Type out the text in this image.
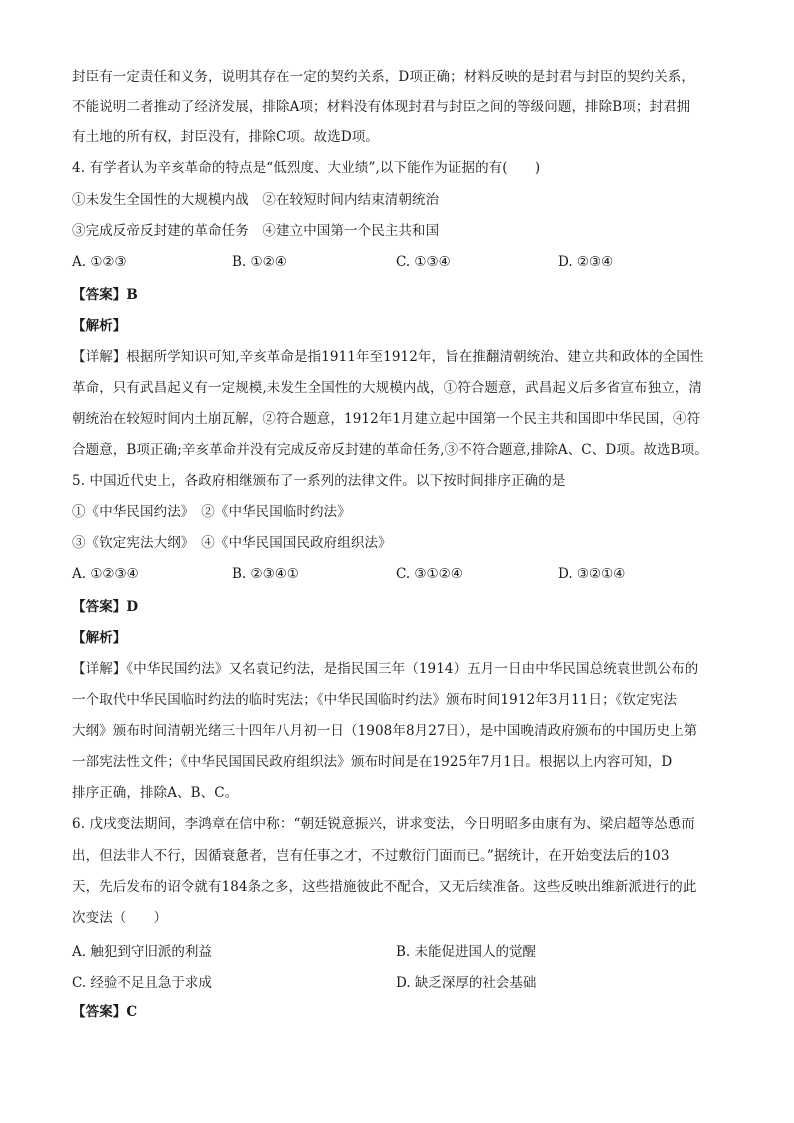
封臣有一定责任和义务，说明其存在一定的契约关系，D项正确；材料反映的是封君与封臣的契约关系，
不能说明二者推动了经济发展，排除A项；材料没有体现封君与封臣之间的等级问题，排除B项；封君拥
有土地的所有权，封臣没有，排除C项。故选D项。
4. 有学者认为辛亥革命的特点是“低烈度、大业绩”,以下能作为证据的有(　　)
①未发生全国性的大规模内战　②在较短时间内结束清朝统治
③完成反帝反封建的革命任务　④建立中国第一个民主共和国
A. ①②③	B. ①②④	C. ①③④	D. ②③④
【答案】B
【解析】
【详解】根据所学知识可知,辛亥革命是指1911年至1912年，旨在推翻清朝统治、建立共和政体的全国性
革命，只有武昌起义有一定规模,未发生全国性的大规模内战，①符合题意，武昌起义后多省宣布独立，清
朝统治在较短时间内土崩瓦解，②符合题意，1912年1月建立起中国第一个民主共和国即中华民国，④符
合题意，B项正确;辛亥革命并没有完成反帝反封建的革命任务,③不符合题意,排除A、C、D项。故选B项。
5. 中国近代史上，各政府相继颁布了一系列的法律文件。以下按时间排序正确的是
①《中华民国约法》　②《中华民国临时约法》
③《钦定宪法大纲》　④《中华民国国民政府组织法》
A. ①②③④	B. ②③④①	C. ③①②④	D. ③②①④
【答案】D
【解析】
【详解】《中华民国约法》又名袁记约法，是指民国三年（1914）五月一日由中华民国总统袁世凯公布的
一个取代中华民国临时约法的临时宪法；《中华民国临时约法》颁布时间1912年3月11日；《钦定宪法
大纲》颁布时间清朝光绪三十四年八月初一日（1908年8月27日），是中国晚清政府颁布的中国历史上第
一部宪法性文件；《中华民国国民政府组织法》颁布时间是在1925年7月1日。根据以上内容可知，D
排序正确，排除A、B、C。
6. 戊戌变法期间，李鸿章在信中称：“朝廷锐意振兴，讲求变法，今日明昭多由康有为、梁启超等怂恿而
出，但法非人不行，因循衰惫者，岂有任事之才，不过敷衍门面而已。”据统计，在开始变法后的103
天，先后发布的诏令就有184条之多，这些措施彼此不配合，又无后续准备。这些反映出维新派进行的此
次变法（　　）
A. 触犯到守旧派的利益	B. 未能促进国人的觉醒
C. 经验不足且急于求成	D. 缺乏深厚的社会基础
【答案】C
